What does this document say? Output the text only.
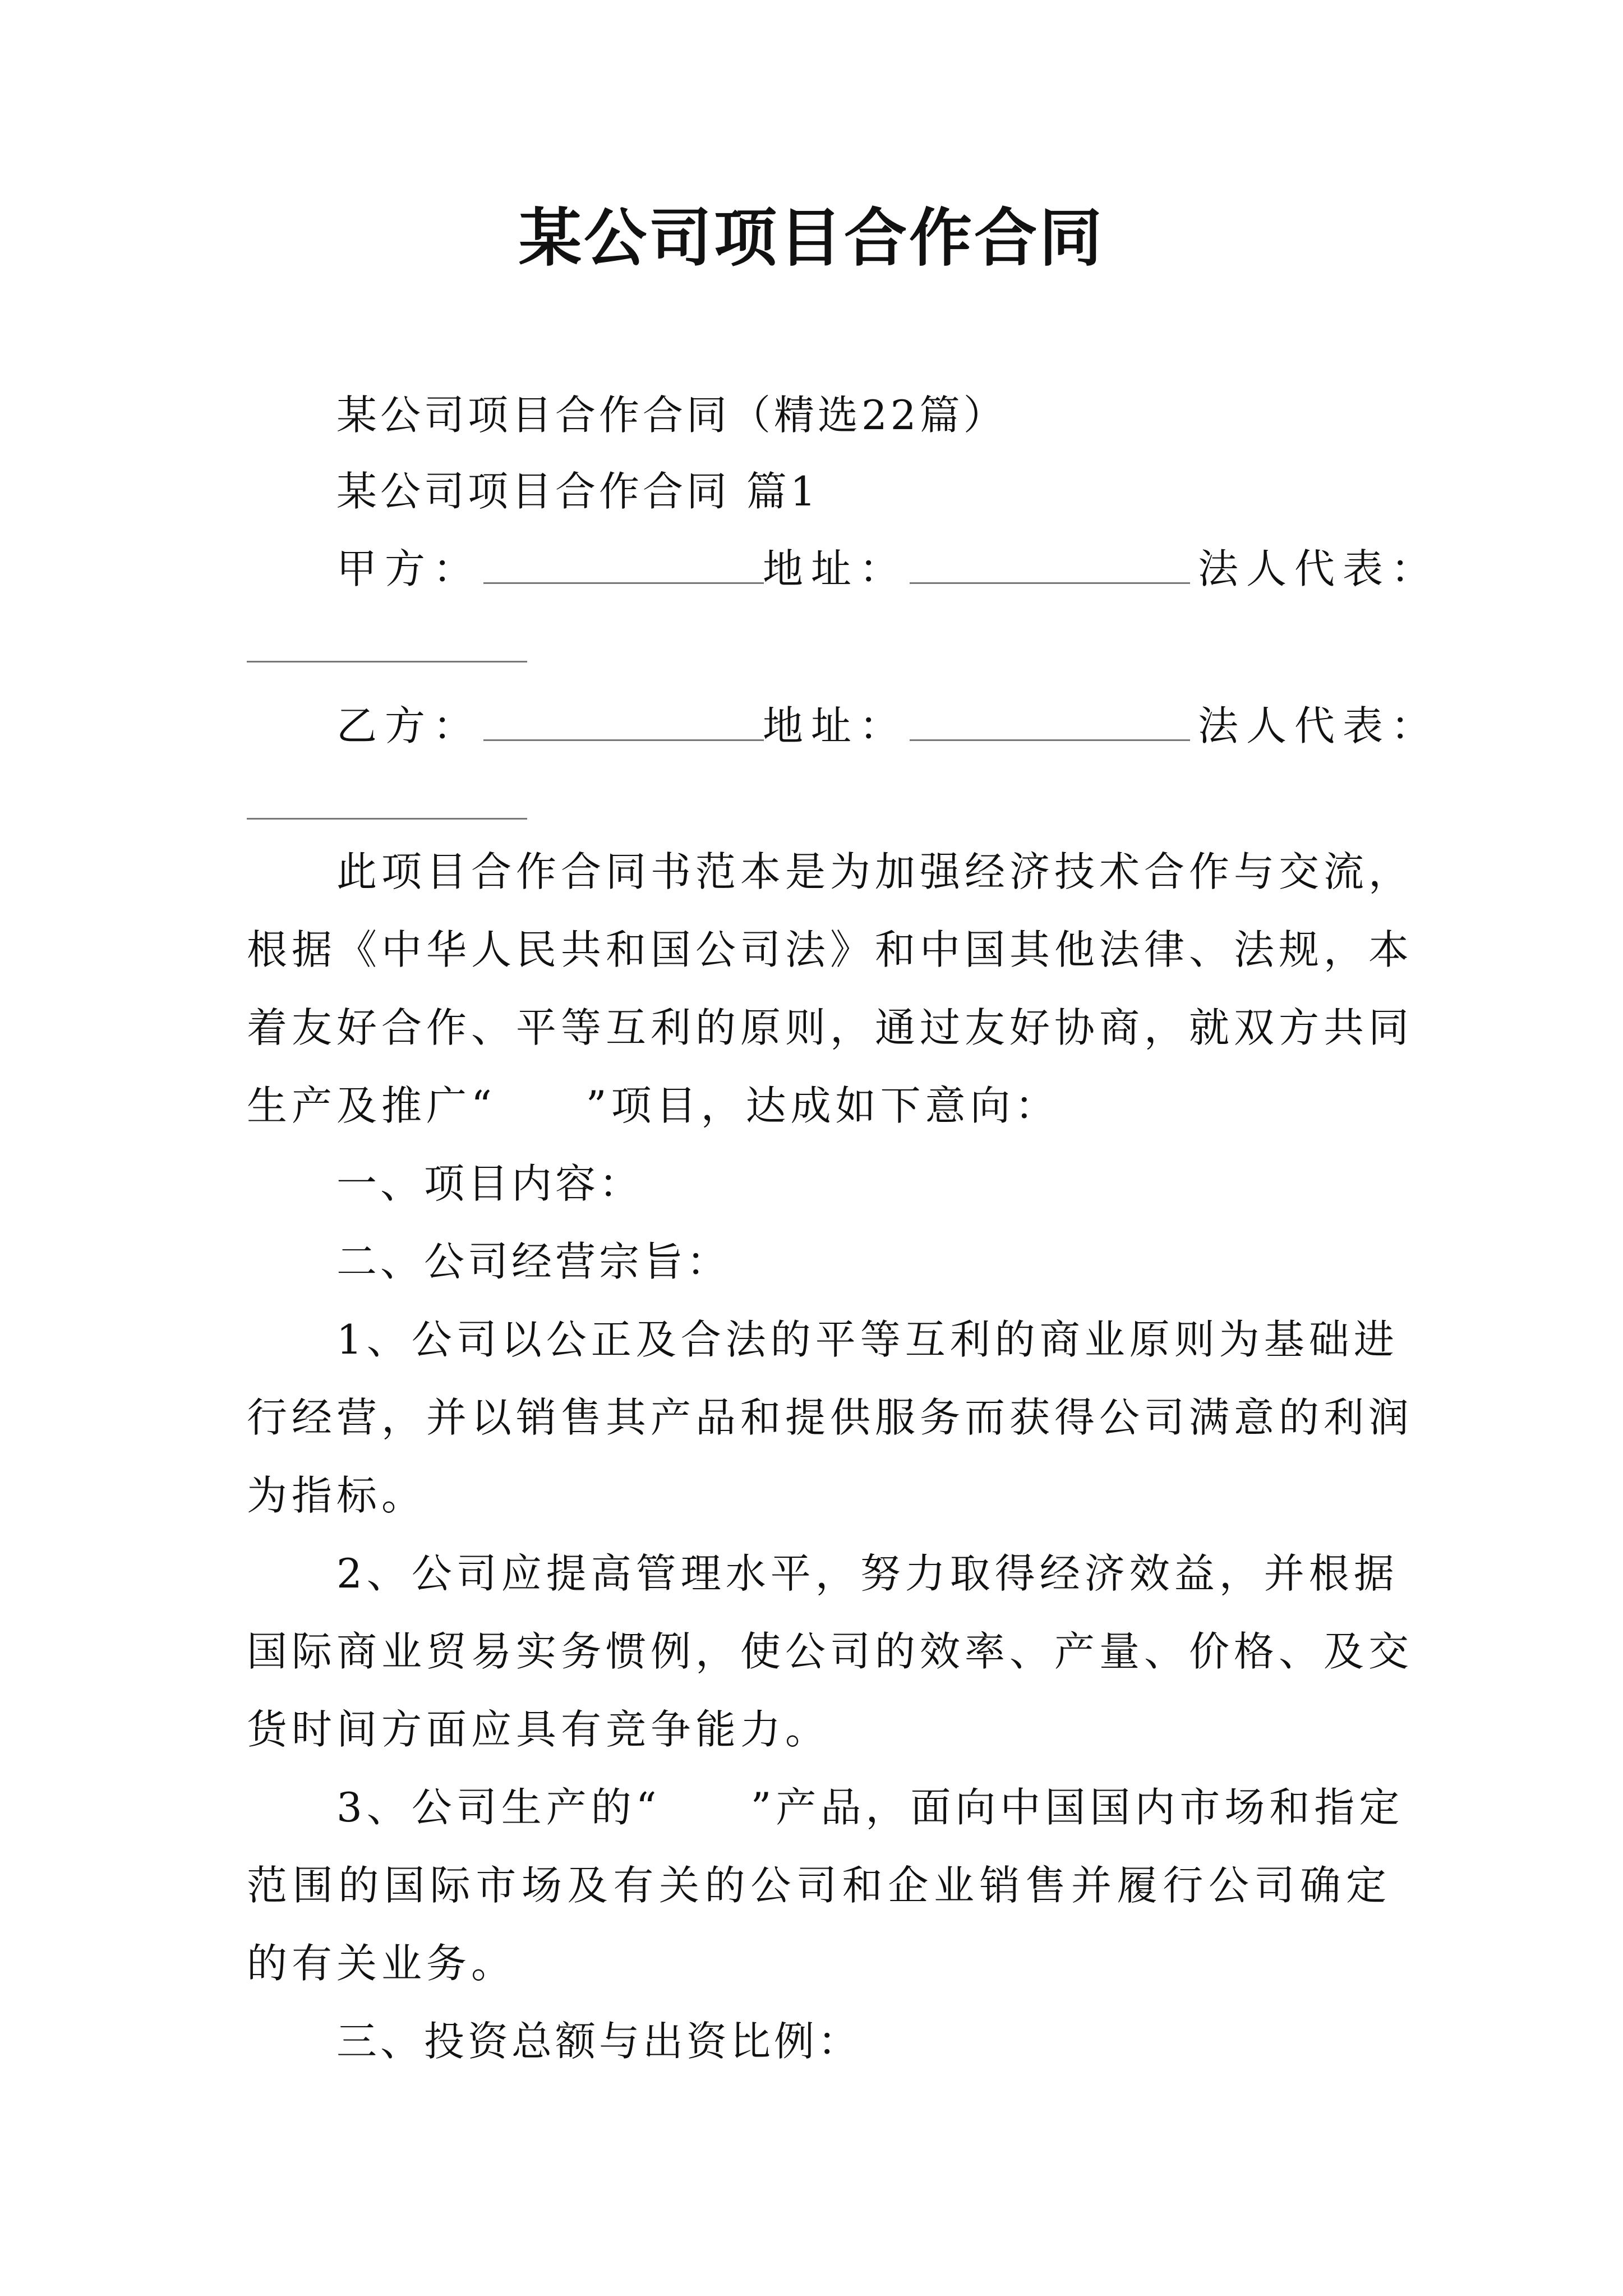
某公司项目合作合同
某公司项目合作合同（精选22篇）
某公司项目合作合同 篇1
甲方：	地址：	法人代表：
乙方：	地址：	法人代表：
此项目合作合同书范本是为加强经济技术合作与交流，
根据《中华人民共和国公司法》和中国其他法律、法规，本
着友好合作、平等互利的原则，通过友好协商，就双方共同
生产及推广“　　”项目，达成如下意向：
一、项目内容：
二、公司经营宗旨：
1、公司以公正及合法的平等互利的商业原则为基础进
行经营，并以销售其产品和提供服务而获得公司满意的利润
为指标。
2、公司应提高管理水平，努力取得经济效益，并根据
国际商业贸易实务惯例，使公司的效率、产量、价格、及交
货时间方面应具有竞争能力。
3、公司生产的“　　”产品，面向中国国内市场和指定
范围的国际市场及有关的公司和企业销售并履行公司确定
的有关业务。
三、投资总额与出资比例：
